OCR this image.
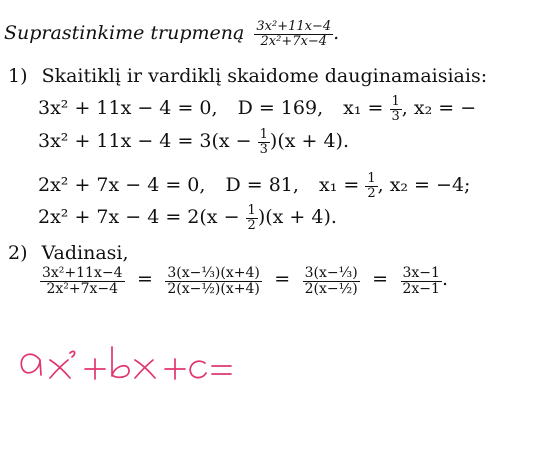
Suprastinkime trupmeną $\frac{\text{3x²+11x−4}}{\text{2x²+7x−4}}$ .
1) Skaitiklį ir vardiklį skaidome dauginamaisiais:
3x² + 11x − 4 = 0, D = 169, $x_1 = \frac{1}{3}$ , x₂ = −
$3x^2 + 11x - 4 = 3(x - \frac{1}{3} )(x + 4)$.
2x² + 7x − 4 = 0, D = 81, $x_1 = \frac{1}{2}$ , x₂ = −4;
$2x^2 + 7x - 4 = 2(x - \frac{1}{2} )(x + 4)$.
2) Vadinasi,
$\frac{\text{3x²+11x−4}}{\text{2x²+7x−4}} = \frac{\text{3(x−⅓)(x+4)}}{\text{2(x−½)(x+4)}} = \frac{\text{3(x−⅓)}}{\text{2(x−½)}} = \frac{3x-1}{2x-1}$ .
